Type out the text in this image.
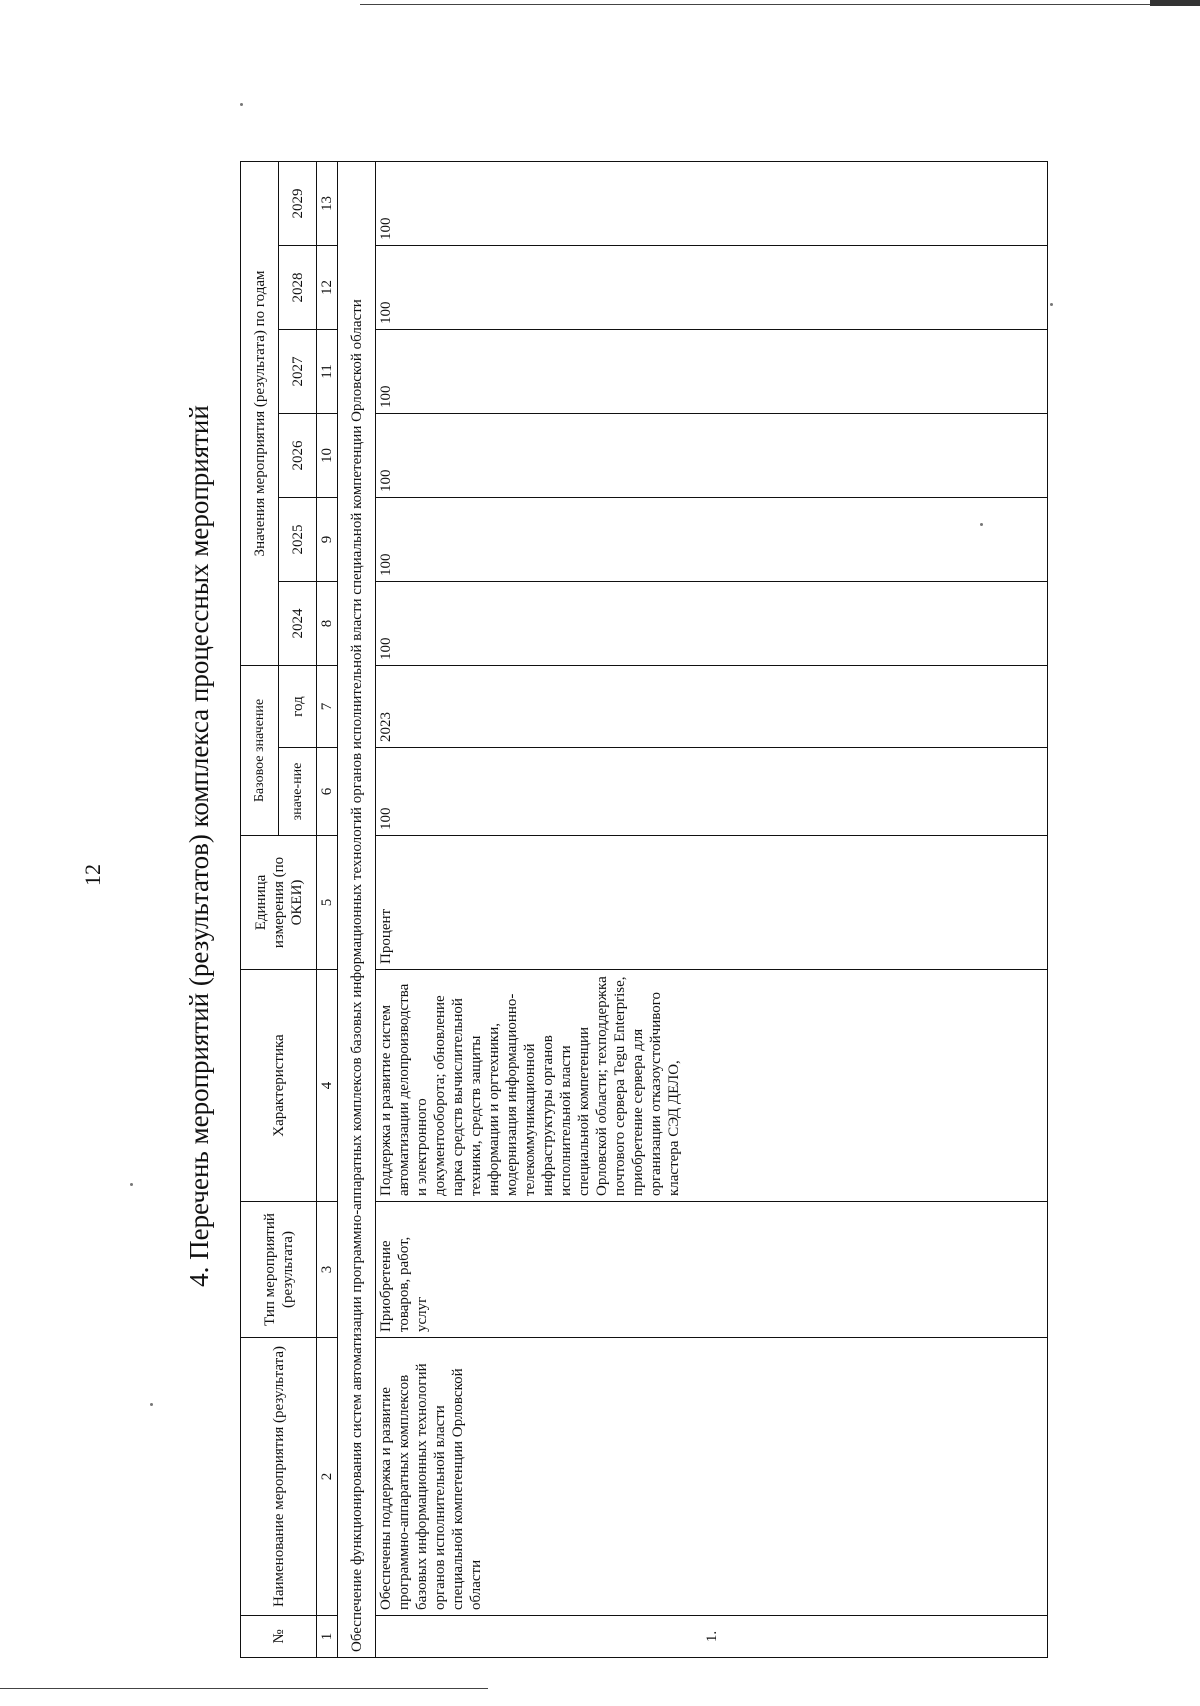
12	4. Перечень мероприятий (результатов) комплекса процессных мероприятий
№	Наименование мероприятия (результата)	Тип мероприятий (результата)	Характеристика	Единица измерения (по ОКЕИ)	Базовое значение		Значения мероприятия (результата) по годам					
					значе-ние	год	2024	2025	2026	2027	2028	2029
1	2	3	4	5	6	7	8	9	10	11	12	13
Обеспечение функционирования систем автоматизации программно-аппаратных комплексов базовых информационных технологий органов исполнительной власти специальной компетенции Орловской области												
1.	Обеспечены поддержка и развитие программно-аппаратных комплексов базовых информационных технологий органов исполнительной власти специальной компетенции Орловской области	Приобретение товаров, работ, услуг	Поддержка и развитие систем автоматизации делопроизводства и электронного документооборота; обновление парка средств вычислительной техники, средств защиты информации и оргтехники, модернизация информационно-телекоммуникационной инфраструктуры органов исполнительной власти специальной компетенции Орловской области; техподдержка почтового сервера Tegu Enterprise, приобретение сервера для организации отказоустойчивого кластера СЭД ДЕЛО,	Процент	100	2023	100	100	100	100	100	100
